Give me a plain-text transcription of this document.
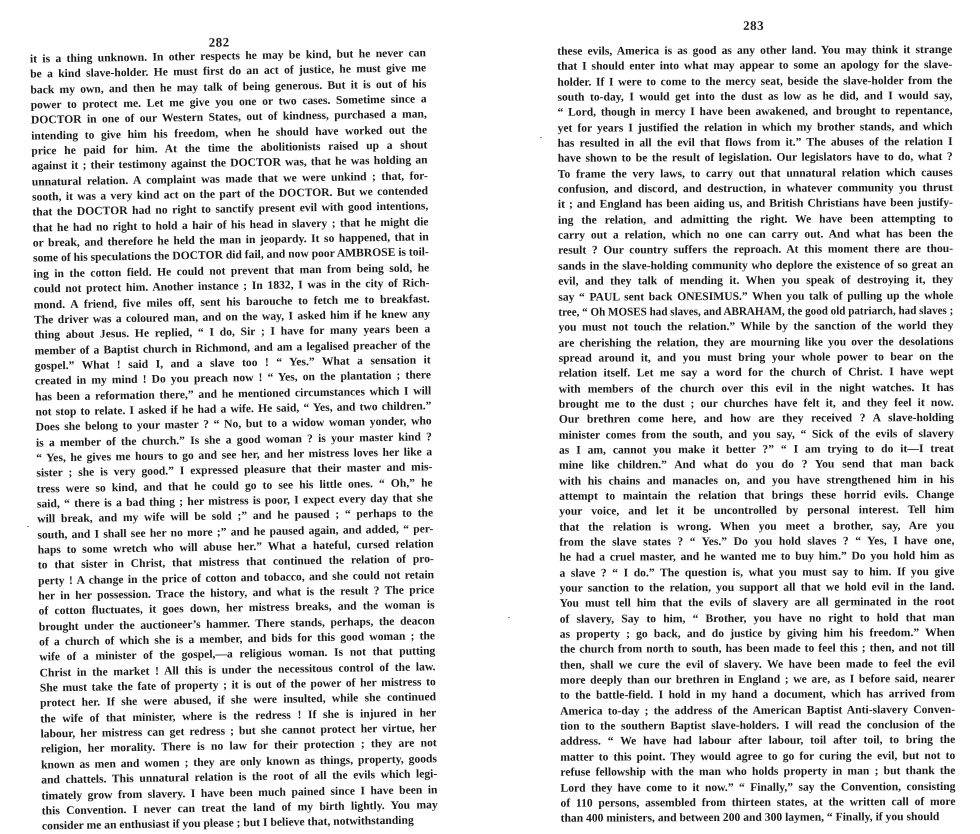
282
it is a thing unknown. In other respects he may be kind, but he never can
be a kind slave-holder. He must first do an act of justice, he must give me
back my own, and then he may talk of being generous. But it is out of his
power to protect me. Let me give you one or two cases. Sometime since a
DOCTOR in one of our Western States, out of kindness, purchased a man,
intending to give him his freedom, when he should have worked out the
price he paid for him. At the time the abolitionists raised up a shout
against it ; their testimony against the DOCTOR was, that he was holding an
unnatural relation. A complaint was made that we were unkind ; that, for-
sooth, it was a very kind act on the part of the DOCTOR. But we contended
that the DOCTOR had no right to sanctify present evil with good intentions,
that he had no right to hold a hair of his head in slavery ; that he might die
or break, and therefore he held the man in jeopardy. It so happened, that in
some of his speculations the DOCTOR did fail, and now poor AMBROSE is toil-
ing in the cotton field. He could not prevent that man from being sold, he
could not protect him. Another instance ; In 1832, I was in the city of Rich-
mond. A friend, five miles off, sent his barouche to fetch me to breakfast.
The driver was a coloured man, and on the way, I asked him if he knew any
thing about Jesus. He replied, “ I do, Sir ; I have for many years been a
member of a Baptist church in Richmond, and am a legalised preacher of the
gospel.” What ! said I, and a slave too ! “ Yes.” What a sensation it
created in my mind ! Do you preach now ! “ Yes, on the plantation ; there
has been a reformation there,” and he mentioned circumstances which I will
not stop to relate. I asked if he had a wife. He said, “ Yes, and two children.”
Does she belong to your master ? “ No, but to a widow woman yonder, who
is a member of the church.” Is she a good woman ? is your master kind ?
“ Yes, he gives me hours to go and see her, and her mistress loves her like a
sister ; she is very good.” I expressed pleasure that their master and mis-
tress were so kind, and that he could go to see his little ones. “ Oh,” he
said, “ there is a bad thing ; her mistress is poor, I expect every day that she
will break, and my wife will be sold ;” and he paused ; “ perhaps to the
south, and I shall see her no more ;” and he paused again, and added, “ per-
haps to some wretch who will abuse her.” What a hateful, cursed relation
to that sister in Christ, that mistress that continued the relation of pro-
perty ! A change in the price of cotton and tobacco, and she could not retain
her in her possession. Trace the history, and what is the result ? The price
of cotton fluctuates, it goes down, her mistress breaks, and the woman is
brought under the auctioneer’s hammer. There stands, perhaps, the deacon
of a church of which she is a member, and bids for this good woman ; the
wife of a minister of the gospel,—a religious woman. Is not that putting
Christ in the market ! All this is under the necessitous control of the law.
She must take the fate of property ; it is out of the power of her mistress to
protect her. If she were abused, if she were insulted, while she continued
the wife of that minister, where is the redress ! If she is injured in her
labour, her mistress can get redress ; but she cannot protect her virtue, her
religion, her morality. There is no law for their protection ; they are not
known as men and women ; they are only known as things, property, goods
and chattels. This unnatural relation is the root of all the evils which legi-
timately grow from slavery. I have been much pained since I have been in
this Convention. I never can treat the land of my birth lightly. You may
consider me an enthusiast if you please ; but I believe that, notwithstanding
283
these evils, America is as good as any other land. You may think it strange
that I should enter into what may appear to some an apology for the slave-
holder. If I were to come to the mercy seat, beside the slave-holder from the
south to-day, I would get into the dust as low as he did, and I would say,
“ Lord, though in mercy I have been awakened, and brought to repentance,
yet for years I justified the relation in which my brother stands, and which
has resulted in all the evil that flows from it.” The abuses of the relation I
have shown to be the result of legislation. Our legislators have to do, what ?
To frame the very laws, to carry out that unnatural relation which causes
confusion, and discord, and destruction, in whatever community you thrust
it ; and England has been aiding us, and British Christians have been justify-
ing the relation, and admitting the right. We have been attempting to
carry out a relation, which no one can carry out. And what has been the
result ? Our country suffers the reproach. At this moment there are thou-
sands in the slave-holding community who deplore the existence of so great an
evil, and they talk of mending it. When you speak of destroying it, they
say “ PAUL sent back ONESIMUS.” When you talk of pulling up the whole
tree, “ Oh MOSES had slaves, and ABRAHAM, the good old patriarch, had slaves ;
you must not touch the relation.” While by the sanction of the world they
are cherishing the relation, they are mourning like you over the desolations
spread around it, and you must bring your whole power to bear on the
relation itself. Let me say a word for the church of Christ. I have wept
with members of the church over this evil in the night watches. It has
brought me to the dust ; our churches have felt it, and they feel it now.
Our brethren come here, and how are they received ? A slave-holding
minister comes from the south, and you say, “ Sick of the evils of slavery
as I am, cannot you make it better ?” “ I am trying to do it—I treat
mine like children.” And what do you do ? You send that man back
with his chains and manacles on, and you have strengthened him in his
attempt to maintain the relation that brings these horrid evils. Change
your voice, and let it be uncontrolled by personal interest. Tell him
that the relation is wrong. When you meet a brother, say, Are you
from the slave states ? “ Yes.” Do you hold slaves ? “ Yes, I have one,
he had a cruel master, and he wanted me to buy him.” Do you hold him as
a slave ? “ I do.” The question is, what you must say to him. If you give
your sanction to the relation, you support all that we hold evil in the land.
You must tell him that the evils of slavery are all germinated in the root
of slavery, Say to him, “ Brother, you have no right to hold that man
as property ; go back, and do justice by giving him his freedom.” When
the church from north to south, has been made to feel this ; then, and not till
then, shall we cure the evil of slavery. We have been made to feel the evil
more deeply than our brethren in England ; we are, as I before said, nearer
to the battle-field. I hold in my hand a document, which has arrived from
America to-day ; the address of the American Baptist Anti-slavery Conven-
tion to the southern Baptist slave-holders. I will read the conclusion of the
address. “ We have had labour after labour, toil after toil, to bring the
matter to this point. They would agree to go for curing the evil, but not to
refuse fellowship with the man who holds property in man ; but thank the
Lord they have come to it now.” “ Finally,” say the Convention, consisting
of 110 persons, assembled from thirteen states, at the written call of more
than 400 ministers, and between 200 and 300 laymen, “ Finally, if you should
